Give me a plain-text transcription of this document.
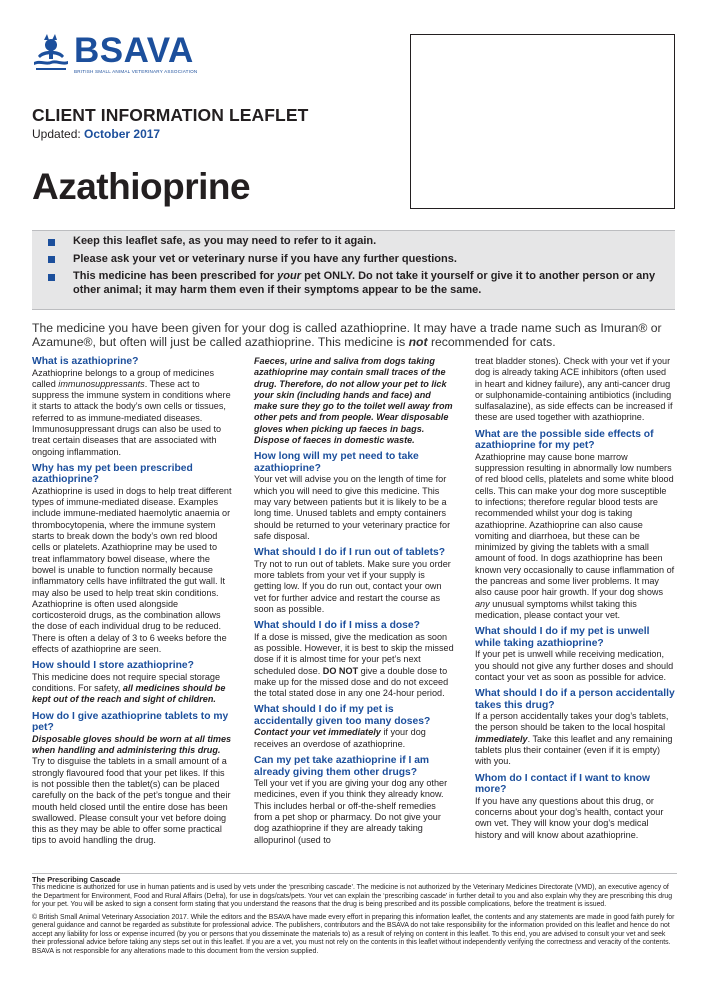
BSAVA
BRITISH SMALL ANIMAL VETERINARY ASSOCIATION
CLIENT INFORMATION LEAFLET
Updated: October 2017
Azathioprine
Keep this leaflet safe, as you may need to refer to it again.
Please ask your vet or veterinary nurse if you have any further questions.
This medicine has been prescribed for your pet ONLY. Do not take it yourself or give it to another person or any other animal; it may harm them even if their symptoms appear to be the same.
The medicine you have been given for your dog is called azathioprine. It may have a trade name such as Imuran® or Azamune®, but often will just be called azathioprine. This medicine is not recommended for cats.
What is azathioprine?

Azathioprine belongs to a group of medicines called immunosuppressants. These act to suppress the immune system in conditions where it starts to attack the body’s own cells or tissues, referred to as immune-mediated diseases. Immunosuppressant drugs can also be used to treat certain diseases that are associated with ongoing inflammation.

Why has my pet been prescribed azathioprine?

Azathioprine is used in dogs to help treat different types of immune-mediated disease. Examples include immune-mediated haemolytic anaemia or thrombocytopenia, where the immune system starts to break down the body’s own red blood cells or platelets. Azathioprine may be used to treat inflammatory bowel disease, where the bowel is unable to function normally because inflammatory cells have infiltrated the gut wall. It may also be used to help treat skin conditions. Azathioprine is often used alongside corticosteroid drugs, as the combination allows the dose of each individual drug to be reduced. There is often a delay of 3 to 6 weeks before the effects of azathioprine are seen.

How should I store azathioprine?

This medicine does not require special storage conditions. For safety, all medicines should be kept out of the reach and sight of children.

How do I give azathioprine tablets to my pet?

Disposable gloves should be worn at all times when handling and administering this drug. Try to disguise the tablets in a small amount of a strongly flavoured food that your pet likes. If this is not possible then the tablet(s) can be placed carefully on the back of the pet’s tongue and their mouth held closed until the entire dose has been swallowed. Please consult your vet before doing this as they may be able to offer some practical tips to avoid handling the drug.

Faeces, urine and saliva from dogs taking azathioprine may contain small traces of the drug. Therefore, do not allow your pet to lick your skin (including hands and face) and make sure they go to the toilet well away from other pets and from people. Wear disposable gloves when picking up faeces in bags. Dispose of faeces in domestic waste.

How long will my pet need to take azathioprine?

Your vet will advise you on the length of time for which you will need to give this medicine. This may vary between patients but it is likely to be a long time. Unused tablets and empty containers should be returned to your veterinary practice for safe disposal.

What should I do if I run out of tablets?

Try not to run out of tablets. Make sure you order more tablets from your vet if your supply is getting low. If you do run out, contact your own vet for further advice and restart the course as soon as possible.

What should I do if I miss a dose?

If a dose is missed, give the medication as soon as possible. However, it is best to skip the missed dose if it is almost time for your pet’s next scheduled dose. DO NOT give a double dose to make up for the missed dose and do not exceed the total stated dose in any one 24-hour period.

What should I do if my pet is accidentally given too many doses?

Contact your vet immediately if your dog receives an overdose of azathioprine.

Can my pet take azathioprine if I am already giving them other drugs?

Tell your vet if you are giving your dog any other medicines, even if you think they already know. This includes herbal or off-the-shelf remedies from a pet shop or pharmacy. Do not give your dog azathioprine if they are already taking allopurinol (used to

treat bladder stones). Check with your vet if your dog is already taking ACE inhibitors (often used in heart and kidney failure), any anti-cancer drug or sulphonamide-containing antibiotics (including sulfasalazine), as side effects can be increased if these are used together with azathioprine.

What are the possible side effects of azathioprine for my pet?

Azathioprine may cause bone marrow suppression resulting in abnormally low numbers of red blood cells, platelets and some white blood cells. This can make your dog more susceptible to infections; therefore regular blood tests are recommended whilst your dog is taking azathioprine. Azathioprine can also cause vomiting and diarrhoea, but these can be minimized by giving the tablets with a small amount of food. In dogs azathioprine has been known very occasionally to cause inflammation of the pancreas and some liver problems. It may also cause poor hair growth. If your dog shows any unusual symptoms whilst taking this medication, please contact your vet.

What should I do if my pet is unwell while taking azathioprine?

If your pet is unwell while receiving medication, you should not give any further doses and should contact your vet as soon as possible for advice.

What should I do if a person accidentally takes this drug?

If a person accidentally takes your dog’s tablets, the person should be taken to the local hospital immediately. Take this leaflet and any remaining tablets plus their container (even if it is empty) with you.

Whom do I contact if I want to know more?

If you have any questions about this drug, or concerns about your dog’s health, contact your own vet. They will know your dog’s medical history and will know about azathioprine.

The Prescribing Cascade

This medicine is authorized for use in human patients and is used by vets under the ‘prescribing cascade’. The medicine is not authorized by the Veterinary Medicines Directorate (VMD), an executive agency of the Department for Environment, Food and Rural Affairs (Defra), for use in dogs/cats/pets. Your vet can explain the ‘prescribing cascade’ in further detail to you and also explain why they are prescribing this drug for your pet. You will be asked to sign a consent form stating that you understand the reasons that the drug is being prescribed and its possible complications, before the treatment is issued.

© British Small Animal Veterinary Association 2017. While the editors and the BSAVA have made every effort in preparing this information leaflet, the contents and any statements are made in good faith purely for general guidance and cannot be regarded as substitute for professional advice. The publishers, contributors and the BSAVA do not take responsibility for the information provided on this leaflet and hence do not accept any liability for loss or expense incurred (by you or persons that you disseminate the materials to) as a result of relying on content in this leaflet. To this end, you are advised to consult your vet and seek their professional advice before taking any steps set out in this leaflet. If you are a vet, you must not rely on the contents in this leaflet without independently verifying the correctness and veracity of the contents. BSAVA is not responsible for any alterations made to this document from the version supplied.
